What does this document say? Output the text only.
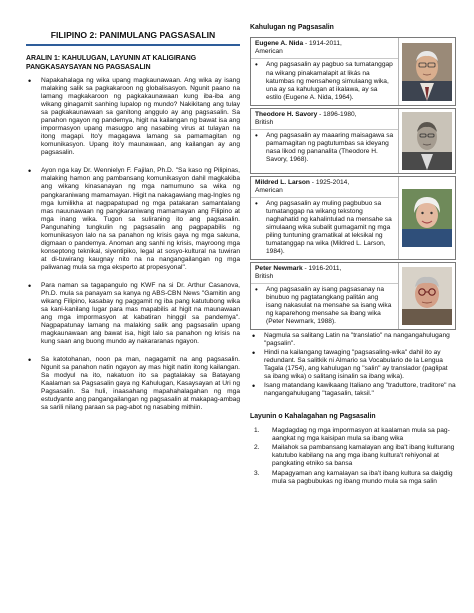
FILIPINO 2: PANIMULANG PAGSASALIN
ARALIN 1: KAHULUGAN, LAYUNIN AT KALIGIRANG PANGKASAYSAYAN NG PAGSASALIN
• Napakahalaga ng wika upang magkaunawaan. Ang wika ay isang malaking salik sa pagkakaroon ng globalisasyon. Ngunit paano na lamang magkakaroon ng pagkakaunawaan kung iba-iba ang wikang ginagamit sanhing lupalop ng mundo? Nakikitang ang tulay sa pagkakaunawaan sa ganitong anggulo ay ang pagsasalin. Sa panahon ngayon ng pandemya, higit na kailangan ng bawat isa ang impormasyon upang masugpo ang nasabing virus at tulayan na itong magapi. Ito'y magagawa lamang sa pamamagitan ng komunikasyon. Upang ito'y maunawaan, ang kailangan ay ang pagsasalin.
• Ayon nga kay Dr. Wennielyn F. Fajilan, Ph.D. "Sa kaso ng Pilipinas, malaking hamon ang pambansang komunikasyon dahil magkakiba ang wikang kinasanayan ng mga namumuno sa wika ng pangkaraniwang mamamayan. Higit na nakagawiang mag-Ingles ng mga lumilikha at nagpapatupad ng mga patakaran samantalang mas nauunawaan ng pangkaraniwang mamamayan ang Filipino at mga inang wika. Tugon sa suliraning ito ang pagsasalin. Pangunahing tungkulin ng pagsasalin ang pagpapabilis ng komunikasyon lalo na sa panahon ng krisis gaya ng mga sakuna, digmaan o pandemya. Anoman ang sanhi ng krisis, mayroong mga konseptong teknikal, siyentipiko, legal at sosyo-kultural na tuwiran at di-tuwirang kaugnay nito na na nangangailangan ng mga paliwanag mula sa mga eksperto at propesyonal".
• Para naman sa tagapangulo ng KWF na si Dr. Arthur Casanova, Ph.D. mula sa panayam sa kanya ng ABS-CBN News "Gamitin ang wikang Filipino, kasabay ng paggamit ng iba pang katutubong wika sa kani-kanilang lugar para mas mapabilis at higit na maunawaan ang mga impormasyon at kabatiran hinggil sa pandemya". Nagpapatunay lamang na malaking salik ang pagsasalin upang magkaunawaan ang bawat isa, higit lalo sa panahon ng krisis na kung saan ang buong mundo ay nakararanas ngayon.
• Sa katotohanan, noon pa man, nagagamit na ang pagsasalin. Ngunit sa panahon natin ngayon ay mas higit natin itong kailangan. Sa modyul na ito, nakatuon ito sa pagtalakay sa Batayang Kaalaman sa Pagsasalin gaya ng Kahulugan, Kasaysayan at Uri ng Pagsasalin. Sa huli, inaasahang mapahahalagahan ng mga estudyante ang pangangailangan ng pagsasalin at makapag-ambag sa sarili nilang paraan sa pag-abot ng nasabing mithiin.
Kahulugan ng Pagsasalin
Eugene A. Nida - 1914-2011,
American
• Ang pagsasalin ay pagbuo sa tumatanggap na wikang pinakamalapit at likás na katumbas ng mensaheng simulaang wika, una ay sa kahulugan at ikalawa, ay sa estilo (Eugene A. Nida, 1964).
Theodore H. Savory - 1896-1980,
British
• Ang pagsasalin ay maaaring maisagawa sa pamamagitan ng pagtutumbas sa ideyang nasa likod ng pananalita (Theodore H. Savory, 1968).
Mildred L. Larson - 1925-2014,
American
• Ang pagsasalin ay muling pagbubuo sa tumatanggap na wikang tekstong naghahatid ng kahalintulad na mensahe sa simulaang wika subalit gumagamit ng mga piling tuntuning gramatikal at leksikal ng tumatanggap na wika (Mildred L. Larson, 1984).
Peter Newmark - 1916-2011,
British
• Ang pagsasalin ay isang pagsasanay na binubuo ng pagtatangkang palitán ang isang nakasulat na mensahe sa isang wika ng kaparehong mensahe sa ibang wika (Peter Newmark, 1988).
• Nagmula sa salitang Latin na "translatio" na nangangahulugang "pagsalin".
• Hindi na kailangang tawaging "pagsasaling-wika" dahil ito ay redundant. Sa salitkik ni Almario sa Vocabulario de la Lengua Tagala (1754), ang kahulugan ng "salin" ay translador (paglipat sa ibang wika) o salitang isinalin sa ibang wika).
• Isang matandang kawikaang Italiano ang "traduttore, traditore" na nangangahulugang "tagasalin, taksil."
Layunin o Kahalagahan ng Pagsasalin
1. Magdagdag ng mga impormasyon at kaalaman mula sa pag-aangkat ng mga kaisipan mula sa ibang wika
2. Mailahok sa pambansang kamalayan ang iba't ibang kulturang katutubo kabilang na ang mga ibang kultura't rehiyonal at pangkating etniko sa bansa
3. Mapagyaman ang kamalayan sa iba't ibang kultura sa daigdig mula sa pagbubukas ng ibang mundo mula sa mga salin
